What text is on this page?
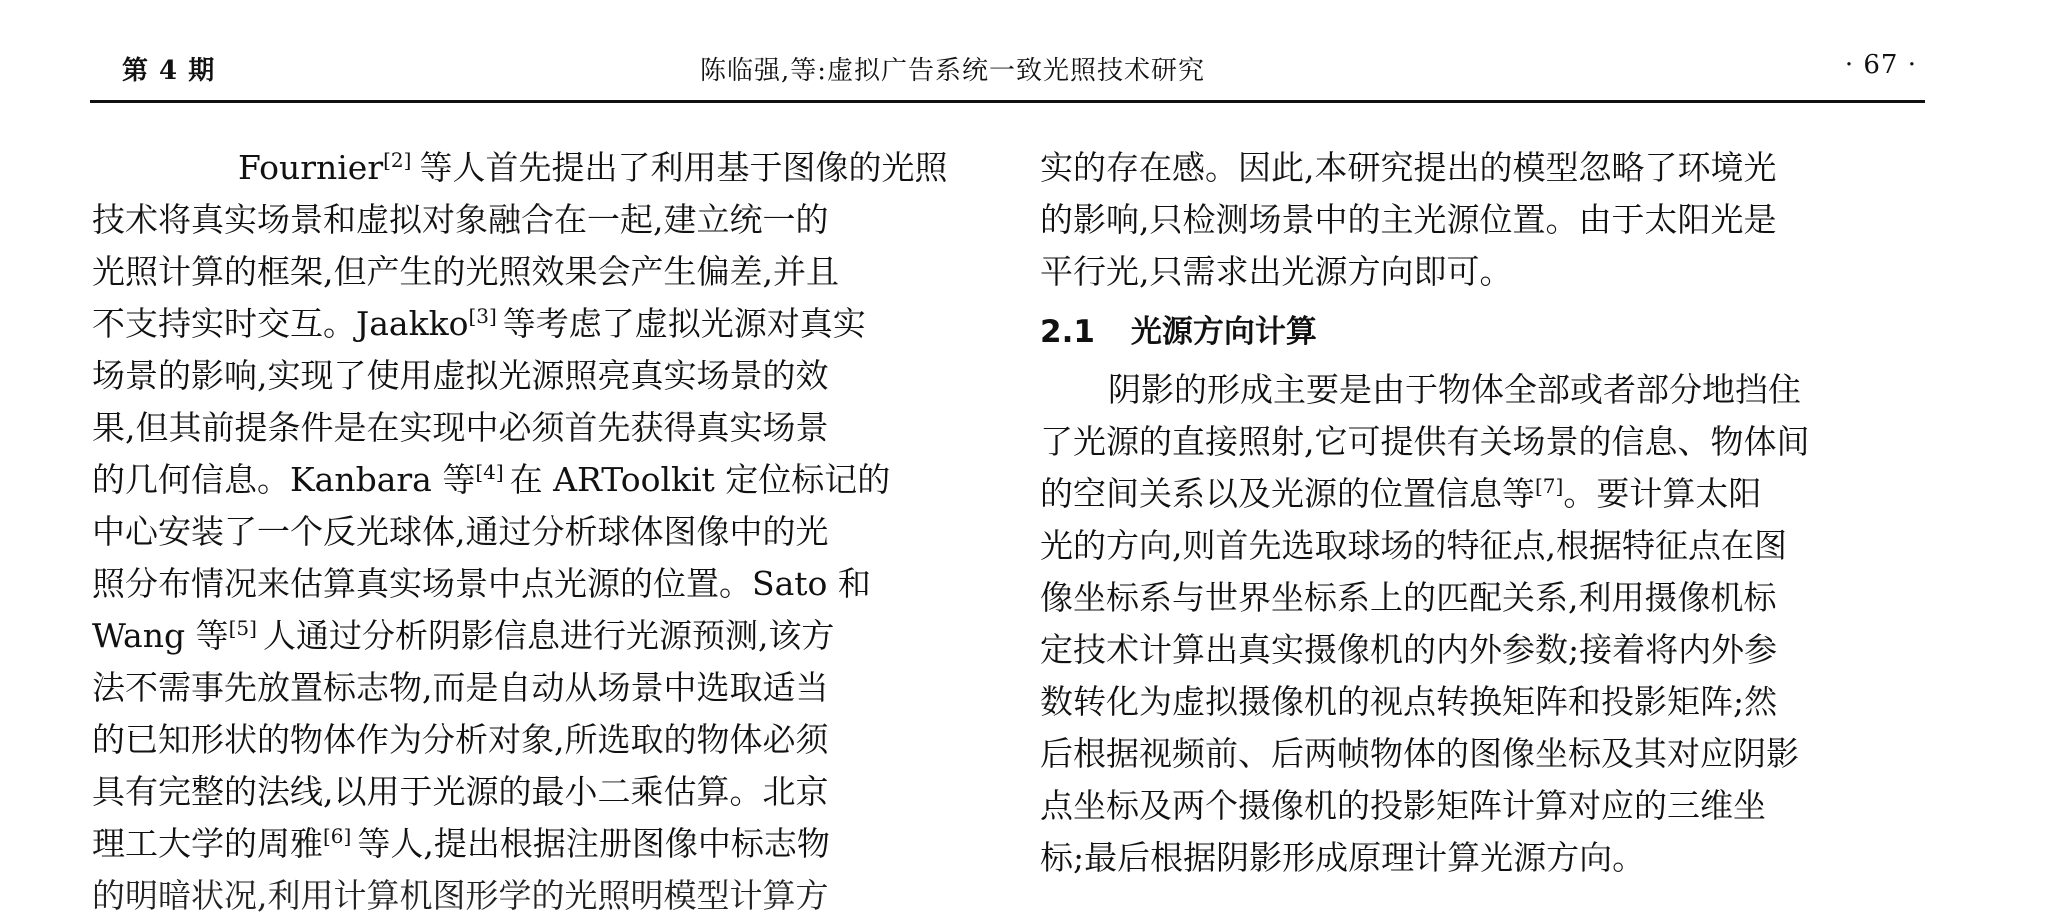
第 4 期	陈临强,等:虚拟广告系统一致光照技术研究	· 67 ·
Fournier[2] 等人首先提出了利用基于图像的光照
技术将真实场景和虚拟对象融合在一起,建立统一的
光照计算的框架,但产生的光照效果会产生偏差,并且
不支持实时交互。Jaakko[3] 等考虑了虚拟光源对真实
场景的影响,实现了使用虚拟光源照亮真实场景的效
果,但其前提条件是在实现中必须首先获得真实场景
的几何信息。Kanbara 等[4] 在 ARToolkit 定位标记的
中心安装了一个反光球体,通过分析球体图像中的光
照分布情况来估算真实场景中点光源的位置。Sato 和
Wang 等[5] 人通过分析阴影信息进行光源预测,该方
法不需事先放置标志物,而是自动从场景中选取适当
的已知形状的物体作为分析对象,所选取的物体必须
具有完整的法线,以用于光源的最小二乘估算。北京
理工大学的周雅[6] 等人,提出根据注册图像中标志物
的明暗状况,利用计算机图形学的光照明模型计算方
实的存在感。因此,本研究提出的模型忽略了环境光
的影响,只检测场景中的主光源位置。由于太阳光是
平行光,只需求出光源方向即可。
2.1 光源方向计算
阴影的形成主要是由于物体全部或者部分地挡住
了光源的直接照射,它可提供有关场景的信息、物体间
的空间关系以及光源的位置信息等[7]。要计算太阳
光的方向,则首先选取球场的特征点,根据特征点在图
像坐标系与世界坐标系上的匹配关系,利用摄像机标
定技术计算出真实摄像机的内外参数;接着将内外参
数转化为虚拟摄像机的视点转换矩阵和投影矩阵;然
后根据视频前、后两帧物体的图像坐标及其对应阴影
点坐标及两个摄像机的投影矩阵计算对应的三维坐
标;最后根据阴影形成原理计算光源方向。
